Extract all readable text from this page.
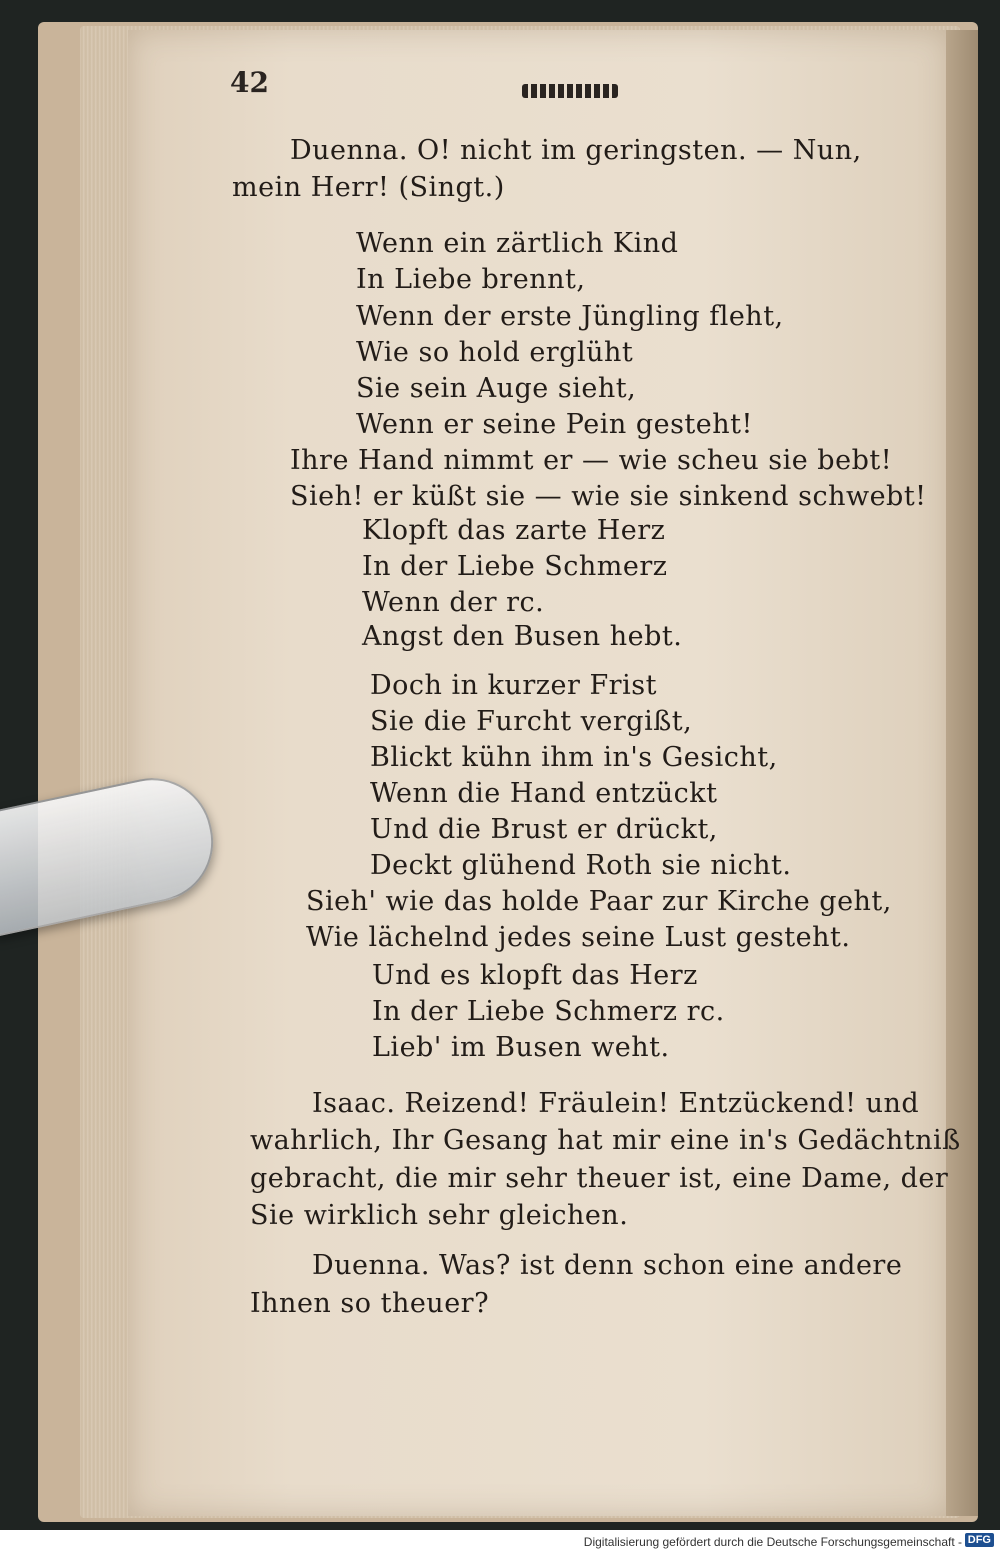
42
Duenna. O! nicht im geringsten. — Nun,
mein Herr! (Singt.)
Wenn ein zärtlich Kind
In Liebe brennt,
Wenn der erste Jüngling fleht,
Wie so hold erglüht
Sie sein Auge sieht,
Wenn er seine Pein gesteht!
Ihre Hand nimmt er — wie scheu sie bebt!
Sieh! er küßt sie — wie sie sinkend schwebt!
Klopft das zarte Herz
In der Liebe Schmerz
Wenn der rc.
Angst den Busen hebt.
Doch in kurzer Frist
Sie die Furcht vergißt,
Blickt kühn ihm in's Gesicht,
Wenn die Hand entzückt
Und die Brust er drückt,
Deckt glühend Roth sie nicht.
Sieh' wie das holde Paar zur Kirche geht,
Wie lächelnd jedes seine Lust gesteht.
Und es klopft das Herz
In der Liebe Schmerz rc.
Lieb' im Busen weht.
Isaac. Reizend! Fräulein! Entzückend! und
wahrlich, Ihr Gesang hat mir eine in's Gedächtniß
gebracht, die mir sehr theuer ist, eine Dame, der
Sie wirklich sehr gleichen.
Duenna. Was? ist denn schon eine andere
Ihnen so theuer?
Digitalisierung gefördert durch die Deutsche Forschungsgemeinschaft - DFG
